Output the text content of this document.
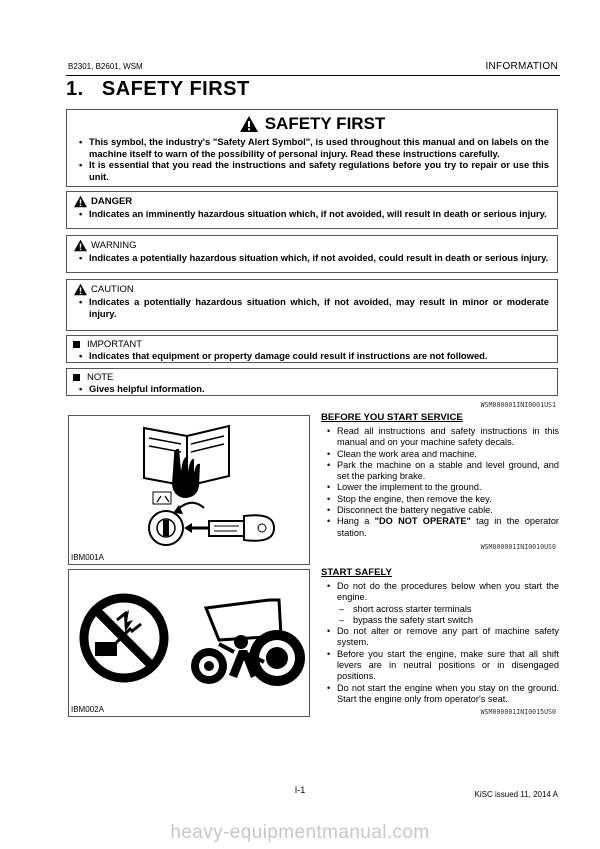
B2301, B2601, WSM	INFORMATION
1.   SAFETY FIRST
SAFETY FIRST
• This symbol, the industry's "Safety Alert Symbol", is used throughout this manual and on labels on the machine itself to warn of the possibility of personal injury. Read these instructions carefully.
• It is essential that you read the instructions and safety regulations before you try to repair or use this unit.
DANGER
• Indicates an imminently hazardous situation which, if not avoided, will result in death or serious injury.
WARNING
• Indicates a potentially hazardous situation which, if not avoided, could result in death or serious injury.
CAUTION
• Indicates a potentially hazardous situation which, if not avoided, may result in minor or moderate injury.
IMPORTANT
• Indicates that equipment or property damage could result if instructions are not followed.
NOTE
• Gives helpful information.
WSM000001INI0001US1
IBM001A
IBM002A
BEFORE YOU START SERVICE
• Read all instructions and safety instructions in this manual and on your machine safety decals.
• Clean the work area and machine.
• Park the machine on a stable and level ground, and set the parking brake.
• Lower the implement to the ground.
• Stop the engine, then remove the key.
• Disconnect the battery negative cable.
• Hang a "DO NOT OPERATE" tag in the operator station.
WSM000001INI0010US0
START SAFELY
• Do not do the procedures below when you start the engine.
– short across starter terminals
– bypass the safety start switch
• Do not alter or remove any part of machine safety system.
• Before you start the engine, make sure that all shift levers are in neutral positions or in disengaged positions.
• Do not start the engine when you stay on the ground. Start the engine only from operator's seat.
WSM000001INI0015US0
I-1	KiSC issued 11, 2014 A
heavy-equipmentmanual.com
